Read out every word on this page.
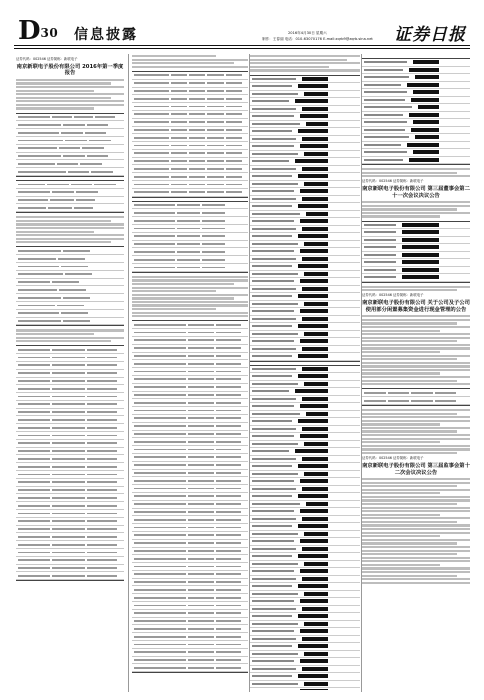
D30 信息披露	2016年4月30日 星期六
制作：王春丽 电话：010-63070176 E-mail:zqrb9@zqrb.sina.net 证券日报
证券代码：002546 证券简称：新联电子
南京新联电子股份有限公司 2016年第一季度报告
证券代码：002546 证券简称：新联电子
南京新联电子股份有限公司 第三届董事会第二十一次会议决议公告
证券代码：002546 证券简称：新联电子
南京新联电子股份有限公司 关于公司及子公司使用部分闲置募集资金进行现金管理的公告
证券代码：002546 证券简称：新联电子
南京新联电子股份有限公司 第三届监事会第十二次会议决议公告
